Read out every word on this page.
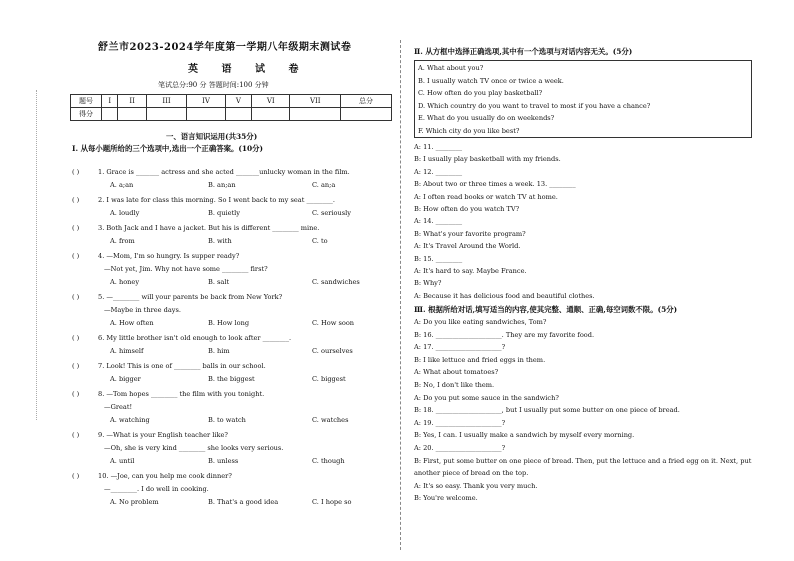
舒兰市2023-2024学年度第一学期八年级期末测试卷
英 语 试 卷
笔试总分:90 分 答题时间:100 分钟
题号	I	II	III	IV	V	VI	VII	总分
得分								
一、语言知识运用(共35分)
Ⅰ. 从每小题所给的三个选项中,选出一个正确答案。(10分)
( )	1. Grace is _______ actress and she acted _______unlucky woman in the film.
A. a;an	B. an;an	C. an;a
( )	2. I was late for class this morning. So I went back to my seat ________.
A. loudly	B. quietly	C. seriously
( )	3. Both Jack and I have a jacket. But his is different ________ mine.
A. from	B. with	C. to
( )	4. —Mom, I'm so hungry. Is supper ready?
—Not yet, Jim. Why not have some ________ first?
A. honey	B. salt	C. sandwiches
( )	5. —________ will your parents be back from New York?
—Maybe in three days.
A. How often	B. How long	C. How soon
( )	6. My little brother isn't old enough to look after ________.
A. himself	B. him	C. ourselves
( )	7. Look! This is one of ________ balls in our school.
A. bigger	B. the biggest	C. biggest
( )	8. —Tom hopes ________ the film with you tonight.
—Great!
A. watching	B. to watch	C. watches
( )	9. —What is your English teacher like?
—Oh, she is very kind ________ she looks very serious.
A. until	B. unless	C. though
( )	10. —Joe, can you help me cook dinner?
—________. I do well in cooking.
A. No problem	B. That's a good idea	C. I hope so
Ⅱ. 从方框中选择正确选项,其中有一个选项与对话内容无关。(5分)
A. What about you?
B. I usually watch TV once or twice a week.
C. How often do you play basketball?
D. Which country do you want to travel to most if you have a chance?
E. What do you usually do on weekends?
F. Which city do you like best?
A: 11. ________
B: I usually play basketball with my friends.
A: 12. ________
B: About two or three times a week. 13. ________
A: I often read books or watch TV at home.
B: How often do you watch TV?
A: 14. ________
B: What's your favorite program?
A: It's Travel Around the World.
B: 15. ________
A: It's hard to say. Maybe France.
B: Why?
A: Because it has delicious food and beautiful clothes.
Ⅲ. 根据所给对话,填写适当的内容,使其完整、通顺、正确,每空词数不限。(5分)
A: Do you like eating sandwiches, Tom?
B: 16. ____________________. They are my favorite food.
A: 17. ____________________?
B: I like lettuce and fried eggs in them.
A: What about tomatoes?
B: No, I don't like them.
A: Do you put some sauce in the sandwich?
B: 18. ____________________, but I usually put some butter on one piece of bread.
A: 19. ____________________?
B: Yes, I can. I usually make a sandwich by myself every morning.
A: 20. ____________________?
B: First, put some butter on one piece of bread. Then, put the lettuce and a fried egg on it. Next, put
another piece of bread on the top.
A: It's so easy. Thank you very much.
B: You're welcome.
